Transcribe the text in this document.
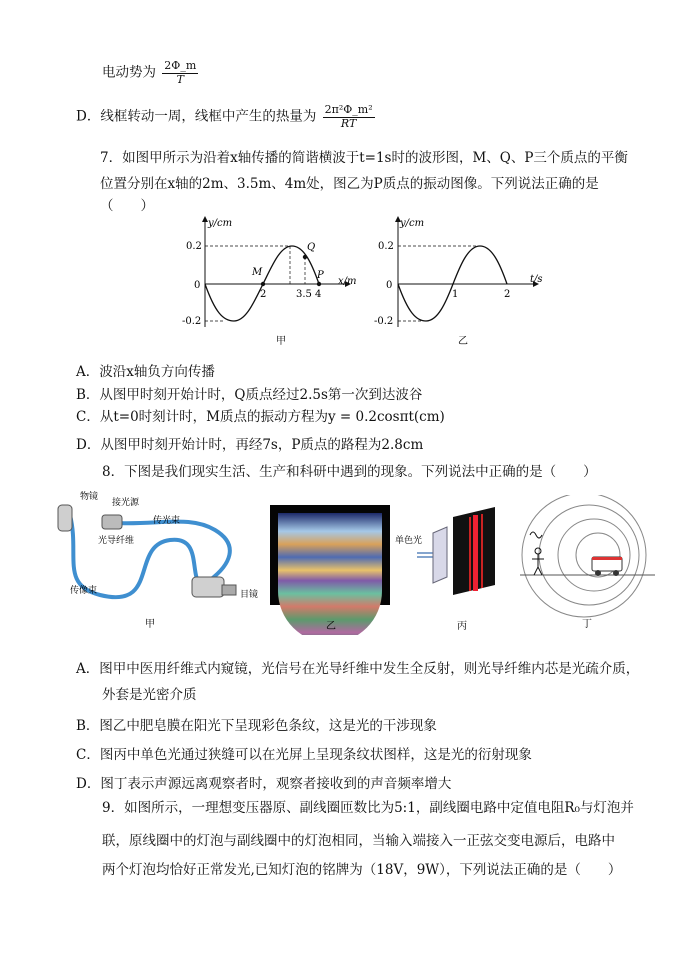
电动势为 $\frac{2\Phi\_m}{T}$
D．线框转动一周，线框中产生的热量为 $\frac{\text{2π²Φ\_m²}}{RT}$
7．如图甲所示为沿着x轴传播的简谐横波于t=1s时的波形图，M、Q、P三个质点的平衡
位置分别在x轴的2m、3.5m、4m处，图乙为P质点的振动图像。下列说法正确的是
（　　）
y/cm
x/m
0.2
0
-0.2
2	3.5 4
M
Q
P
甲
y/cm
t/s
0.2
0
-0.2
1	2
乙
A．波沿x轴负方向传播
B．从图甲时刻开始计时，Q质点经过2.5s第一次到达波谷
C．从t=0时刻计时，M质点的振动方程为y = 0.2cosπt(cm)
D．从图甲时刻开始计时，再经7s，P质点的路程为2.8cm
8．下图是我们现实生活、生产和科研中遇到的现象。下列说法中正确的是（　　）
物镜
接光源
传光束
光导纤维
传像束	目镜
甲	乙
单色光
丙	丁
A．图甲中医用纤维式内窥镜，光信号在光导纤维中发生全反射，则光导纤维内芯是光疏介质，
外套是光密介质
B．图乙中肥皂膜在阳光下呈现彩色条纹，这是光的干涉现象
C．图丙中单色光通过狭缝可以在光屏上呈现条纹状图样，这是光的衍射现象
D．图丁表示声源远离观察者时，观察者接收到的声音频率增大
9．如图所示，一理想变压器原、副线圈匝数比为5:1，副线圈电路中定值电阻R₀与灯泡并
联，原线圈中的灯泡与副线圈中的灯泡相同，当输入端接入一正弦交变电源后，电路中
两个灯泡均恰好正常发光,已知灯泡的铭牌为（18V，9W），下列说法正确的是（　　）
